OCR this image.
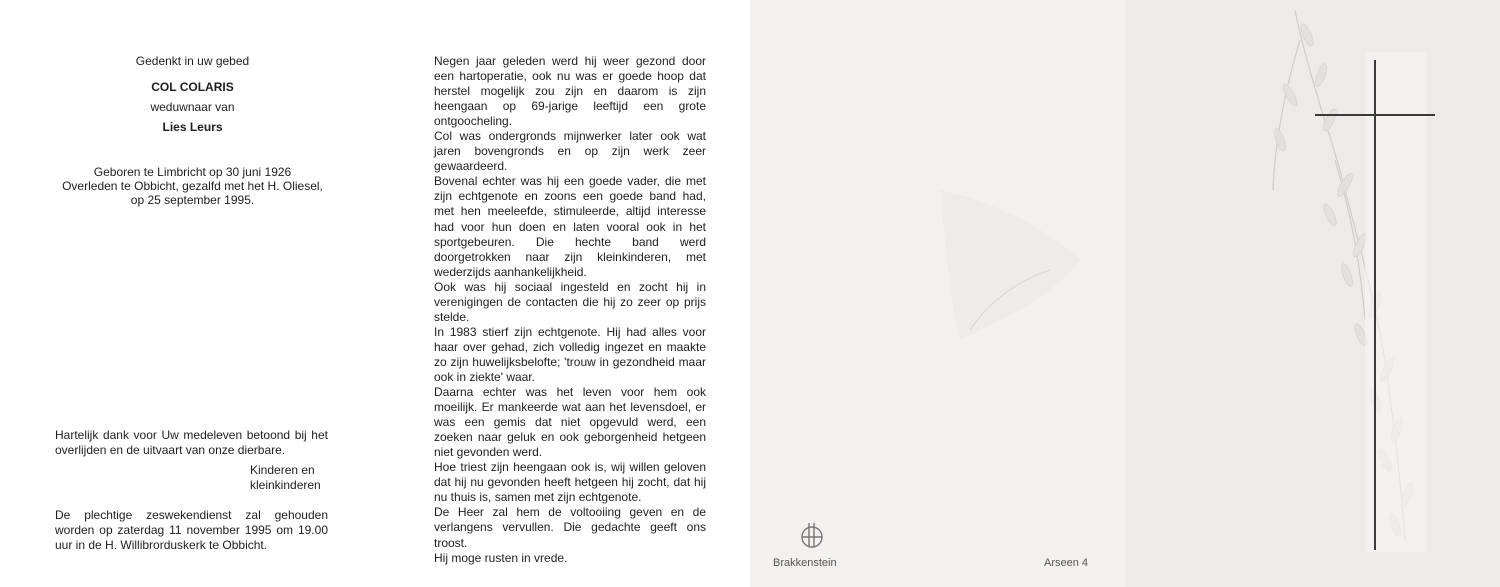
Gedenkt in uw gebed
COL COLARIS
weduwnaar van
Lies Leurs
Geboren te Limbricht op 30 juni 1926
Overleden te Obbicht, gezalfd met het H. Oliesel,
op 25 september 1995.
Hartelijk dank voor Uw medeleven betoond bij het overlijden en de uitvaart van onze dierbare.
Kinderen en
kleinkinderen
De plechtige zeswekendienst zal gehouden worden op zaterdag 11 november 1995 om 19.00 uur in de H. Willibrorduskerk te Obbicht.

Negen jaar geleden werd hij weer gezond door een hartoperatie, ook nu was er goede hoop dat herstel mogelijk zou zijn en daarom is zijn heengaan op 69-jarige leeftijd een grote ontgoocheling.

Col was ondergronds mijnwerker later ook wat jaren bovengronds en op zijn werk zeer gewaardeerd.

Bovenal echter was hij een goede vader, die met zijn echtgenote en zoons een goede band had, met hen meeleefde, stimuleerde, altijd interesse had voor hun doen en laten vooral ook in het sportgebeuren. Die hechte band werd doorgetrokken naar zijn kleinkinderen, met wederzijds aanhankelijkheid.

Ook was hij sociaal ingesteld en zocht hij in verenigingen de contacten die hij zo zeer op prijs stelde.

In 1983 stierf zijn echtgenote. Hij had alles voor haar over gehad, zich volledig ingezet en maakte zo zijn huwelijksbelofte; 'trouw in gezondheid maar ook in ziekte' waar.

Daarna echter was het leven voor hem ook moeilijk. Er mankeerde wat aan het levensdoel, er was een gemis dat niet opgevuld werd, een zoeken naar geluk en ook geborgenheid hetgeen niet gevonden werd.

Hoe triest zijn heengaan ook is, wij willen geloven dat hij nu gevonden heeft hetgeen hij zocht, dat hij nu thuis is, samen met zijn echtgenote.

De Heer zal hem de voltooiing geven en de verlangens vervullen. Die gedachte geeft ons troost.

Hij moge rusten in vrede.	Brakkenstein	Arseen 4
